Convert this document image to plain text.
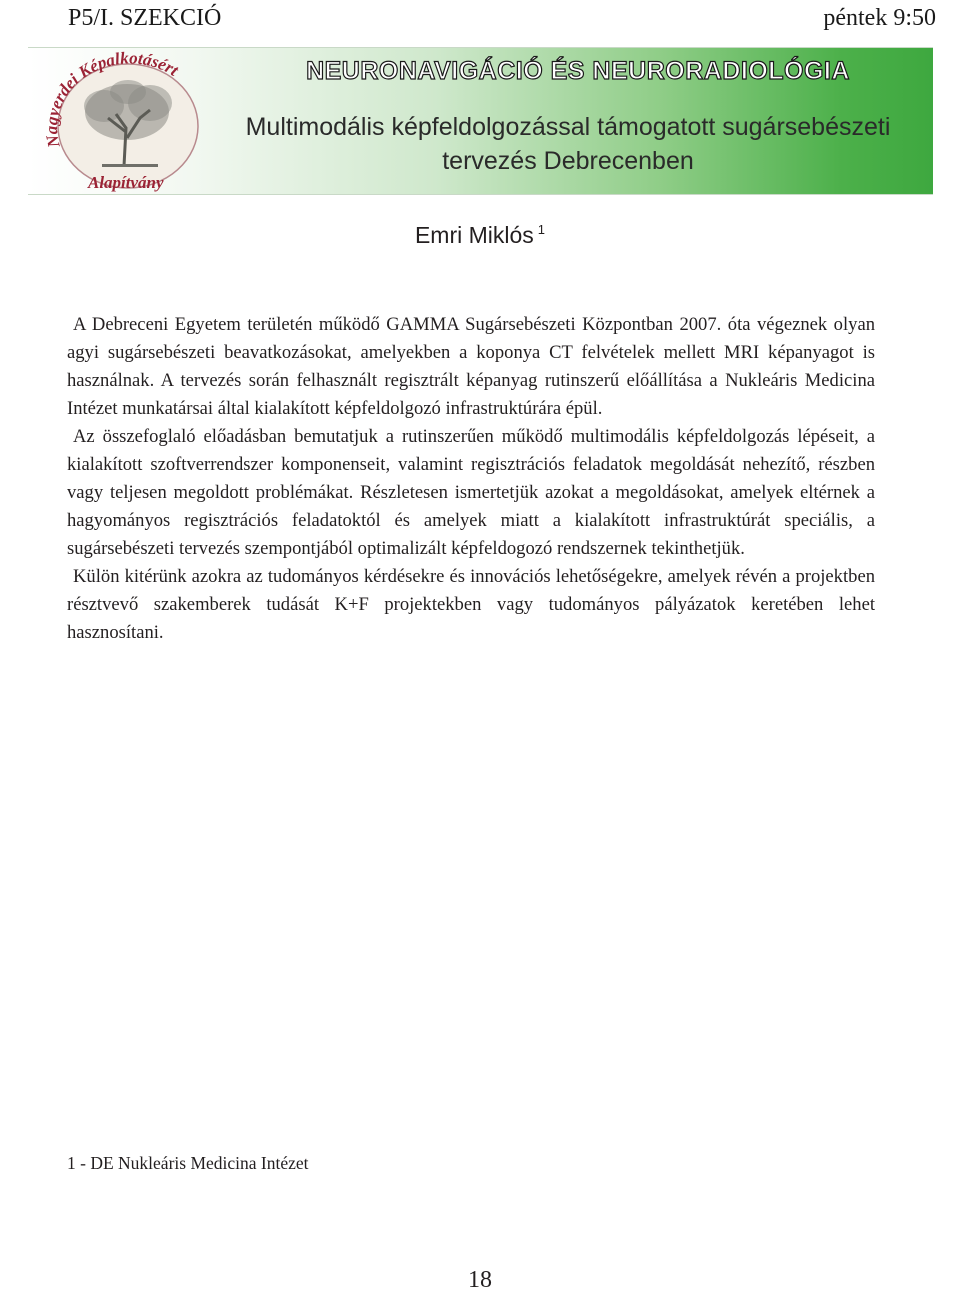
P5/I. SZEKCIÓ	péntek 9:50
Nagyerdei Képalkotásért
Alapítvány
NEURONAVIGÁCIÓ ÉS NEURORADIOLÓGIA
Multimodális képfeldolgozással támogatott sugársebészeti
tervezés Debrecenben
Emri Miklós $^1$

A Debreceni Egyetem területén működő GAMMA Sugársebészeti Központban 2007. óta végeznek olyan agyi sugársebészeti beavatkozásokat, amelyekben a koponya CT felvételek mellett MRI képanyagot is használnak. A tervezés során felhasznált regisztrált képanyag rutinszerű előállítása a Nukleáris Medicina Intézet munkatársai által kialakított képfeldolgozó infrastruktúrára épül.

Az összefoglaló előadásban bemutatjuk a rutinszerűen működő multimodális képfeldolgozás lépéseit, a kialakított szoftverrendszer komponenseit, valamint regisztrációs feladatok megoldását nehezítő, részben vagy teljesen megoldott problémákat. Részletesen ismertetjük azokat a megoldásokat, amelyek eltérnek a hagyományos regisztrációs feladatoktól és amelyek miatt a kialakított infrastruktúrát speciális, a sugársebészeti tervezés szempontjából optimalizált képfeldogozó rendszernek tekinthetjük.

Külön kitérünk azokra az tudományos kérdésekre és innovációs lehetőségekre, amelyek révén a projektben résztvevő szakemberek tudását K+F projektekben vagy tudományos pályázatok keretében lehet hasznosítani.

1 - DE Nukleáris Medicina Intézet
18
